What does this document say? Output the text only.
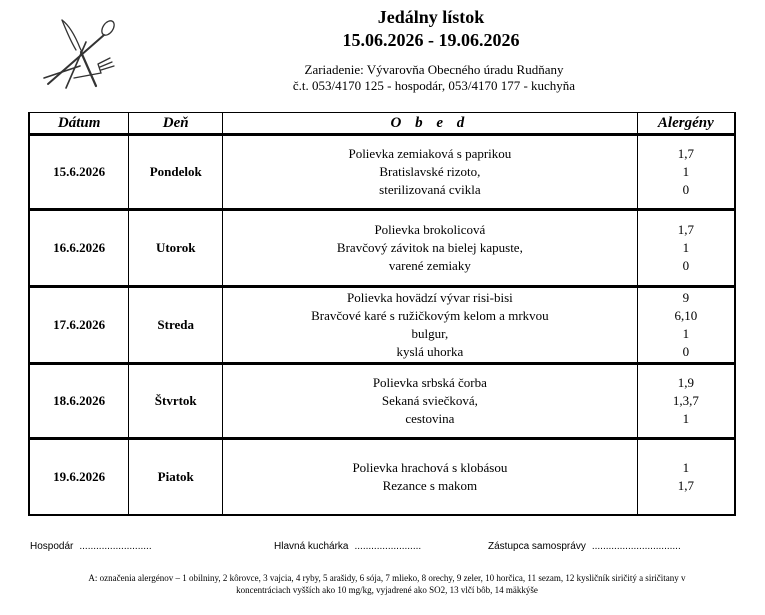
Jedálny lístok
15.06.2026 - 19.06.2026
Zariadenie: Vývarovňa Obecného úradu Rudňany
č.t. 053/4170 125 - hospodár, 053/4170 177 - kuchyňa
Dátum	Deň	O b e d	Alergény
15.6.2026	Pondelok	Polievka zemiaková s paprikou
Bratislavské rizoto,
sterilizovaná cvikla	1,7
1
0

16.6.2026	Utorok	Polievka brokolicová
Bravčový závitok na bielej kapuste,
varené zemiaky	1,7
1
0

17.6.2026	Streda	Polievka hovädzí vývar risi-bisi
Bravčové karé s ružičkovým kelom a mrkvou
bulgur,
kyslá uhorka	9
6,10
1
0

18.6.2026	Štvrtok	Polievka srbská čorba
Sekaná sviečková,
cestovina	1,9
1,3,7
1

19.6.2026	Piatok	Polievka hrachová s klobásou
Rezance s makom	1
1,7
Hospodár ..........................	Hlavná kuchárka ........................	Zástupca samosprávy ................................
A: označenia alergénov – 1 obilniny, 2 kôrovce, 3 vajcia, 4 ryby, 5 arašidy, 6 sója, 7 mlieko, 8 orechy, 9 zeler, 10 horčica, 11 sezam, 12 kysličník siričitý a siričitany v
koncentráciach vyšších ako 10 mg/kg, vyjadrené ako SO2, 13 vlčí bôb, 14 mäkkýše
